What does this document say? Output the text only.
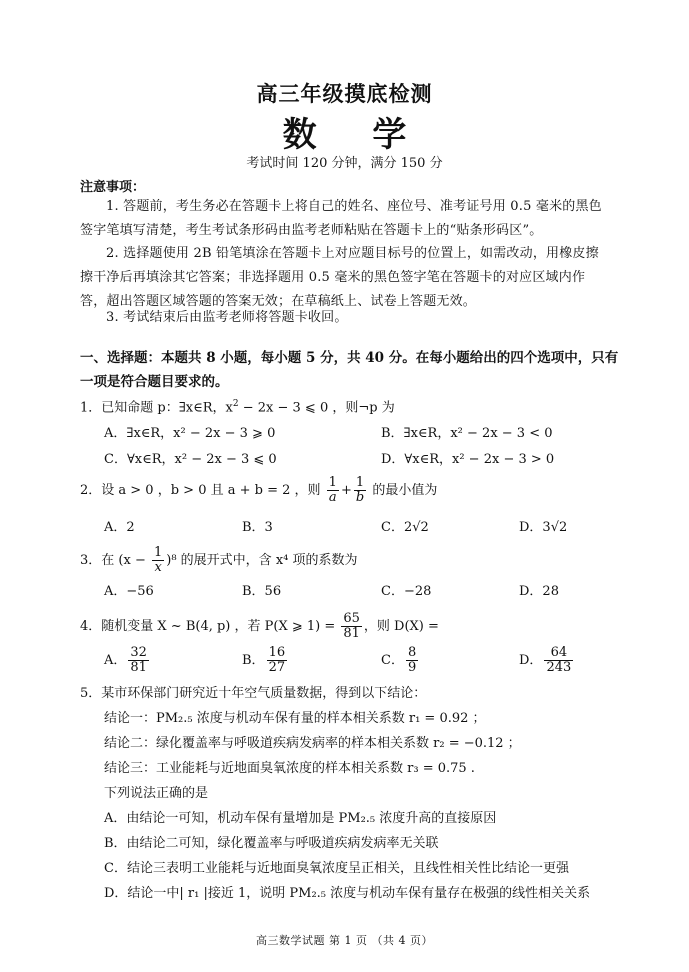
高三年级摸底检测
数 学
考试时间 120 分钟，满分 150 分
注意事项：
1. 答题前，考生务必在答题卡上将自己的姓名、座位号、准考证号用 0.5 毫米的黑色签字笔填写清楚，考生考试条形码由监考老师粘贴在答题卡上的“贴条形码区”。
2. 选择题使用 2B 铅笔填涂在答题卡上对应题目标号的位置上，如需改动，用橡皮擦擦干净后再填涂其它答案；非选择题用 0.5 毫米的黑色签字笔在答题卡的对应区域内作答，超出答题区域答题的答案无效；在草稿纸上、试卷上答题无效。
3. 考试结束后由监考老师将答题卡收回。
一、选择题：本题共 8 小题，每小题 5 分，共 40 分。在每小题给出的四个选项中，只有一项是符合题目要求的。
1．已知命题 p：∃x∈R，$x^2 - 2x - 3$ ⩽ 0 ，则¬p 为
A．∃x∈R，x² − 2x − 3 ⩾ 0	B．∃x∈R，x² − 2x − 3 < 0
C．∀x∈R，x² − 2x − 3 ⩽ 0	D．∀x∈R，x² − 2x − 3 > 0
2．设 a > 0 ，b > 0 且 a + b = 2 ，则 $\frac{1}{a} + \frac{1}{b}$ 的最小值为
A．2	B．3	C．2√2	D．3√2
3．在 $(x - \frac{1}{x} )^8$ 的展开式中，含 x⁴ 项的系数为
A．−56	B．56	C．−28	D．28
4．随机变量 X ~ B(4, p) ，若 P(X ⩾ $1) = \frac{65}{81}$ ，则 D(X) =
A． $\frac{32}{81}$	B． $\frac{16}{27}$	C． $\frac{8}{9}$	D． $\frac{64}{243}$
5．某市环保部门研究近十年空气质量数据，得到以下结论：
结论一：PM₂.₅ 浓度与机动车保有量的样本相关系数 r₁ = 0.92 ；
结论二：绿化覆盖率与呼吸道疾病发病率的样本相关系数 r₂ = −0.12 ；
结论三：工业能耗与近地面臭氧浓度的样本相关系数 r₃ = 0.75 .
下列说法正确的是
A．由结论一可知，机动车保有量增加是 PM₂.₅ 浓度升高的直接原因
B．由结论二可知，绿化覆盖率与呼吸道疾病发病率无关联
C．结论三表明工业能耗与近地面臭氧浓度呈正相关，且线性相关性比结论一更强
D．结论一中| r₁ |接近 1，说明 PM₂.₅ 浓度与机动车保有量存在极强的线性相关关系
高三数学试题 第 1 页 （共 4 页）
